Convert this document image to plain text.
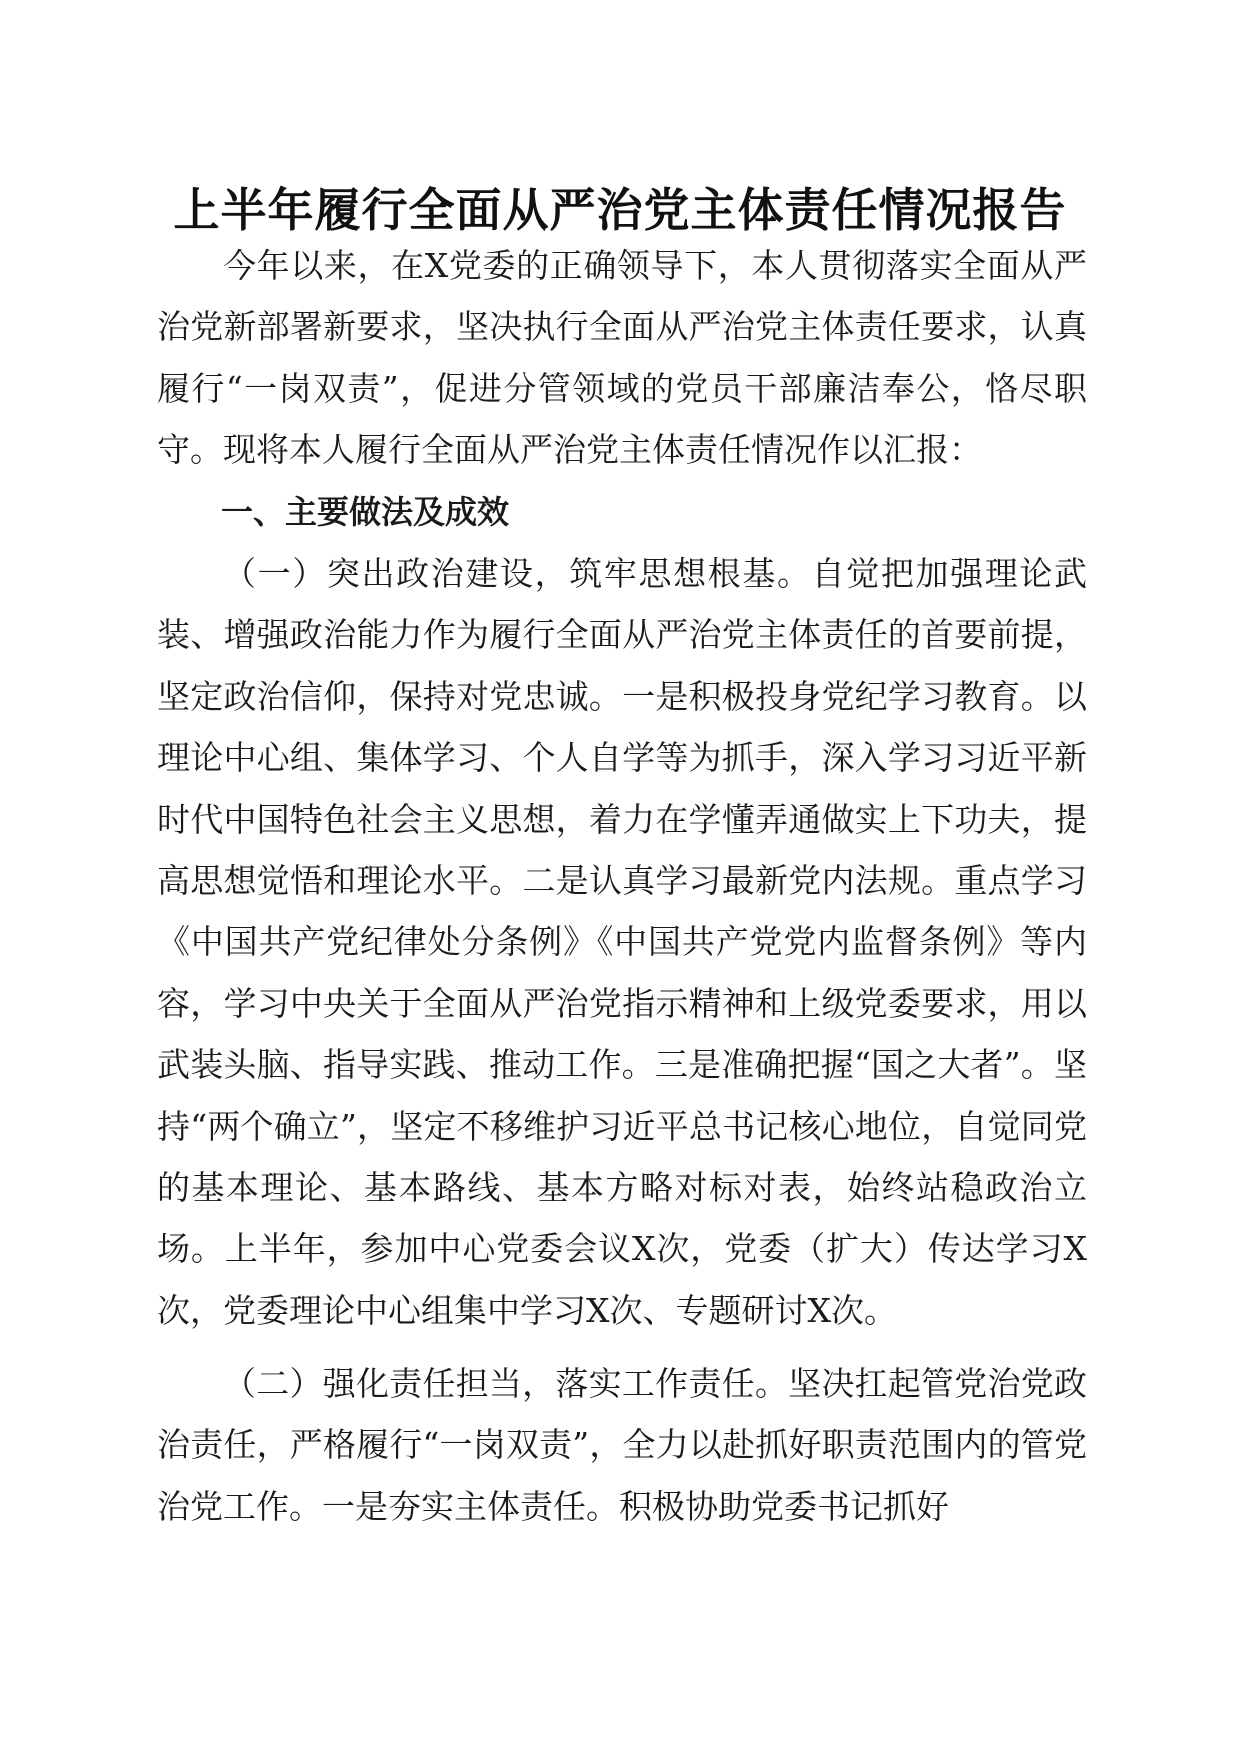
上半年履行全面从严治党主体责任情况报告

今年以来，在X党委的正确领导下，本人贯彻落实全面从严治党新部署新要求，坚决执行全面从严治党主体责任要求，认真履行“一岗双责”，促进分管领域的党员干部廉洁奉公，恪尽职守。现将本人履行全面从严治党主体责任情况作以汇报：

一、主要做法及成效

（一）突出政治建设，筑牢思想根基。自觉把加强理论武装、增强政治能力作为履行全面从严治党主体责任的首要前提，坚定政治信仰，保持对党忠诚。一是积极投身党纪学习教育。以理论中心组、集体学习、个人自学等为抓手，深入学习习近平新时代中国特色社会主义思想，着力在学懂弄通做实上下功夫，提高思想觉悟和理论水平。二是认真学习最新党内法规。重点学习《中国共产党纪律处分条例》《中国共产党党内监督条例》等内容，学习中央关于全面从严治党指示精神和上级党委要求，用以武装头脑、指导实践、推动工作。三是准确把握“国之大者”。坚持“两个确立”，坚定不移维护习近平总书记核心地位，自觉同党的基本理论、基本路线、基本方略对标对表，始终站稳政治立场。上半年，参加中心党委会议X次，党委（扩大）传达学习X次，党委理论中心组集中学习X次、专题研讨X次。

（二）强化责任担当，落实工作责任。坚决扛起管党治党政治责任，严格履行“一岗双责”，全力以赴抓好职责范围内的管党治党工作。一是夯实主体责任。积极协助党委书记抓好
